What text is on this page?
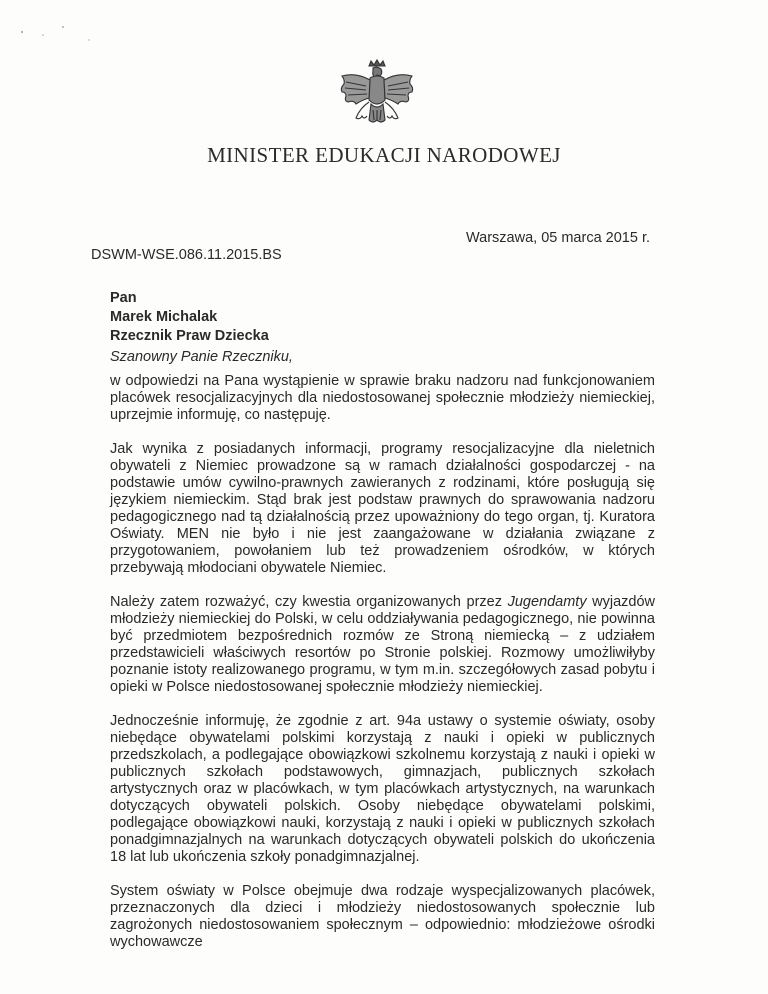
MINISTER EDUKACJI NARODOWEJ
Warszawa, 05 marca 2015 r.
DSWM-WSE.086.11.2015.BS
Pan
Marek Michalak
Rzecznik Praw Dziecka
Szanowny Panie Rzeczniku,

w odpowiedzi na Pana wystąpienie w sprawie braku nadzoru nad funkcjonowaniem placówek resocjalizacyjnych dla niedostosowanej społecznie młodzieży niemieckiej, uprzejmie informuję, co następuję.

Jak wynika z posiadanych informacji, programy resocjalizacyjne dla nieletnich obywateli z Niemiec prowadzone są w ramach działalności gospodarczej - na podstawie umów cywilno-prawnych zawieranych z rodzinami, które posługują się językiem niemieckim. Stąd brak jest podstaw prawnych do sprawowania nadzoru pedagogicznego nad tą działalnością przez upoważniony do tego organ, tj. Kuratora Oświaty. MEN nie było i nie jest zaangażowane w działania związane z przygotowaniem, powołaniem lub też prowadzeniem ośrodków, w których przebywają młodociani obywatele Niemiec.

Należy zatem rozważyć, czy kwestia organizowanych przez Jugendamty wyjazdów młodzieży niemieckiej do Polski, w celu oddziaływania pedagogicznego, nie powinna być przedmiotem bezpośrednich rozmów ze Stroną niemiecką – z udziałem przedstawicieli właściwych resortów po Stronie polskiej. Rozmowy umożliwiłyby poznanie istoty realizowanego programu, w tym m.in. szczegółowych zasad pobytu i opieki w Polsce niedostosowanej społecznie młodzieży niemieckiej.

Jednocześnie informuję, że zgodnie z art. 94a ustawy o systemie oświaty, osoby niebędące obywatelami polskimi korzystają z nauki i opieki w publicznych przedszkolach, a podlegające obowiązkowi szkolnemu korzystają z nauki i opieki w publicznych szkołach podstawowych, gimnazjach, publicznych szkołach artystycznych oraz w placówkach, w tym placówkach artystycznych, na warunkach dotyczących obywateli polskich. Osoby niebędące obywatelami polskimi, podlegające obowiązkowi nauki, korzystają z nauki i opieki w publicznych szkołach ponadgimnazjalnych na warunkach dotyczących obywateli polskich do ukończenia 18 lat lub ukończenia szkoły ponadgimnazjalnej.

System oświaty w Polsce obejmuje dwa rodzaje wyspecjalizowanych placówek, przeznaczonych dla dzieci i młodzieży niedostosowanych społecznie lub zagrożonych niedostosowaniem społecznym – odpowiednio: młodzieżowe ośrodki wychowawcze
